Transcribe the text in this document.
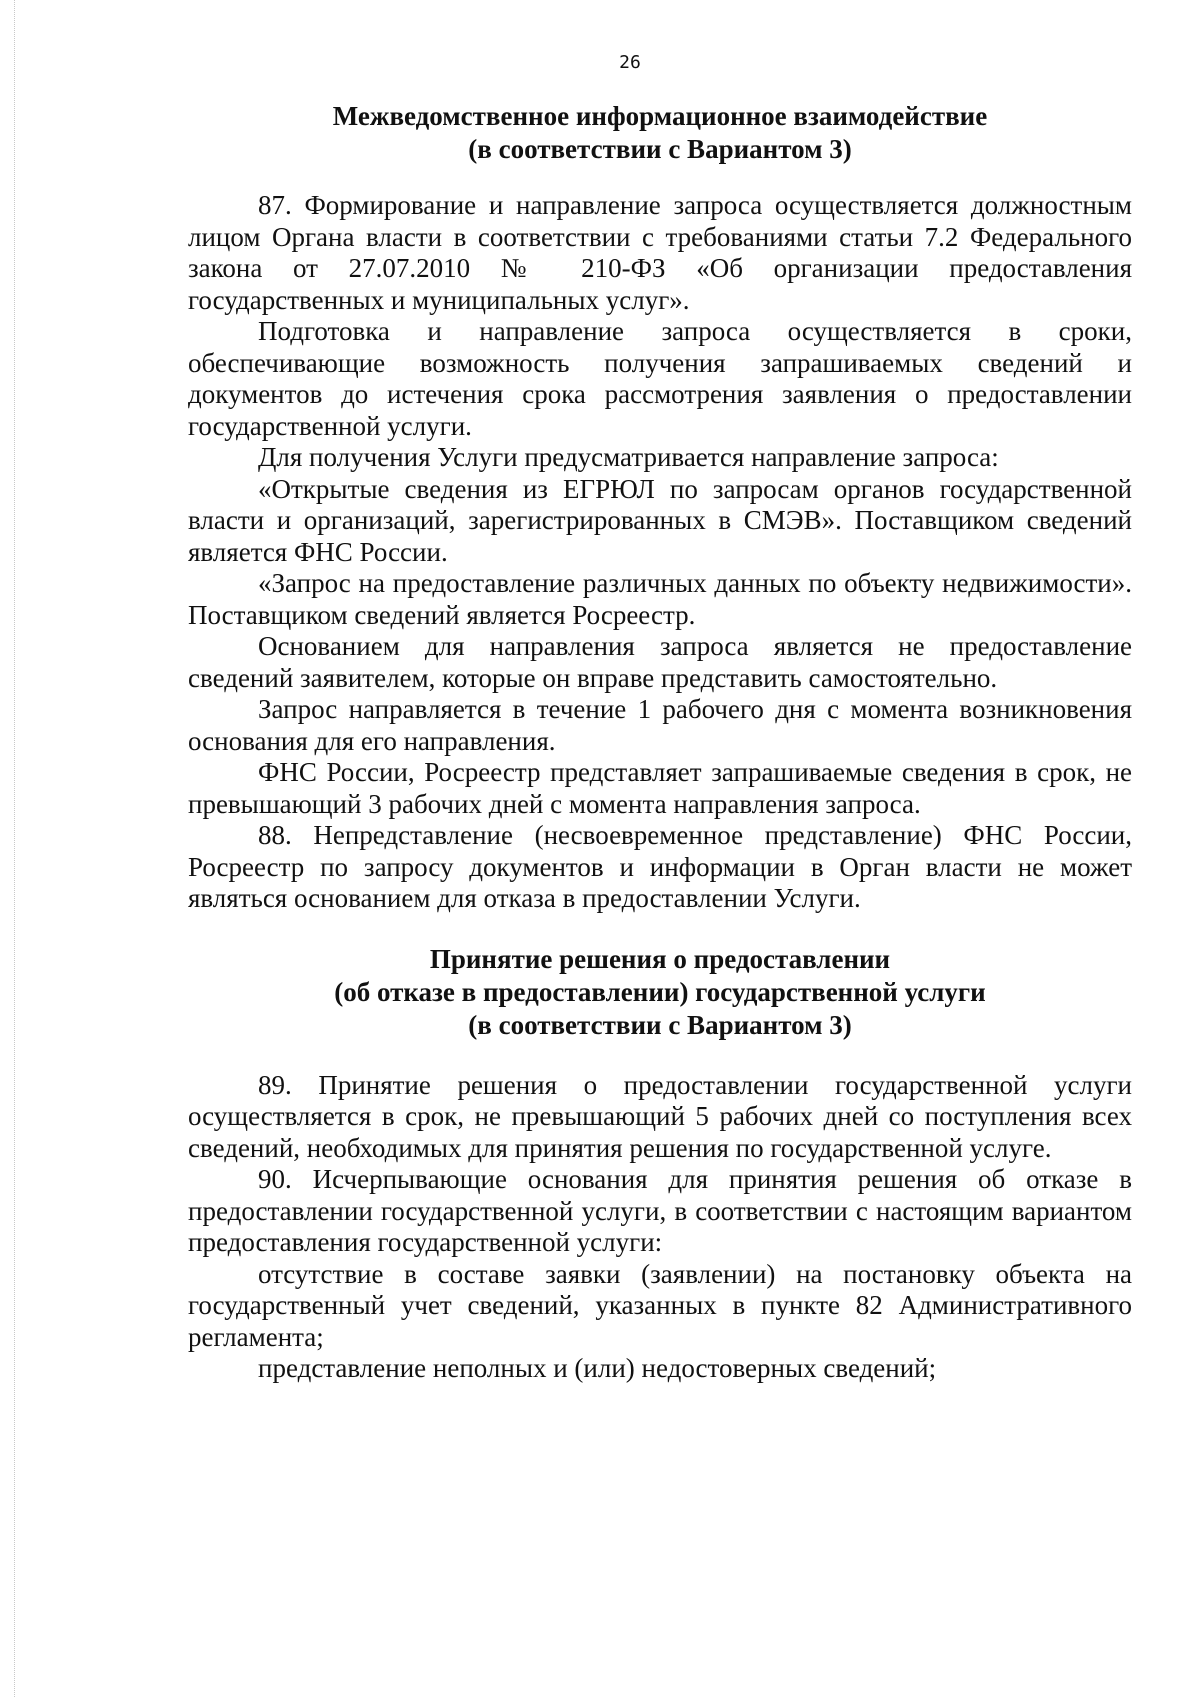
26
Межведомственное информационное взаимодействие
(в соответствии с Вариантом 3)

87. Формирование и направление запроса осуществляется должностным лицом Органа власти в соответствии с требованиями статьи 7.2 Федерального закона от 27.07.2010 № 210-ФЗ «Об организации предоставления государственных и муниципальных услуг».

Подготовка и направление запроса осуществляется в сроки, обеспечивающие возможность получения запрашиваемых сведений и документов до истечения срока рассмотрения заявления о предоставлении государственной услуги.

Для получения Услуги предусматривается направление запроса:

«Открытые сведения из ЕГРЮЛ по запросам органов государственной власти и организаций, зарегистрированных в СМЭВ». Поставщиком сведений является ФНС России.

«Запрос на предоставление различных данных по объекту недвижимости». Поставщиком сведений является Росреестр.

Основанием для направления запроса является не предоставление сведений заявителем, которые он вправе представить самостоятельно.

Запрос направляется в течение 1 рабочего дня с момента возникновения основания для его направления.

ФНС России, Росреестр представляет запрашиваемые сведения в срок, не превышающий 3 рабочих дней с момента направления запроса.

88. Непредставление (несвоевременное представление) ФНС России, Росреестр по запросу документов и информации в Орган власти не может являться основанием для отказа в предоставлении Услуги.

Принятие решения о предоставлении
(об отказе в предоставлении) государственной услуги
(в соответствии с Вариантом 3)

89. Принятие решения о предоставлении государственной услуги осуществляется в срок, не превышающий 5 рабочих дней со поступления всех сведений, необходимых для принятия решения по государственной услуге.

90. Исчерпывающие основания для принятия решения об отказе в предоставлении государственной услуги, в соответствии с настоящим вариантом предоставления государственной услуги:

отсутствие в составе заявки (заявлении) на постановку объекта на государственный учет сведений, указанных в пункте 82 Административного регламента;

представление неполных и (или) недостоверных сведений;
